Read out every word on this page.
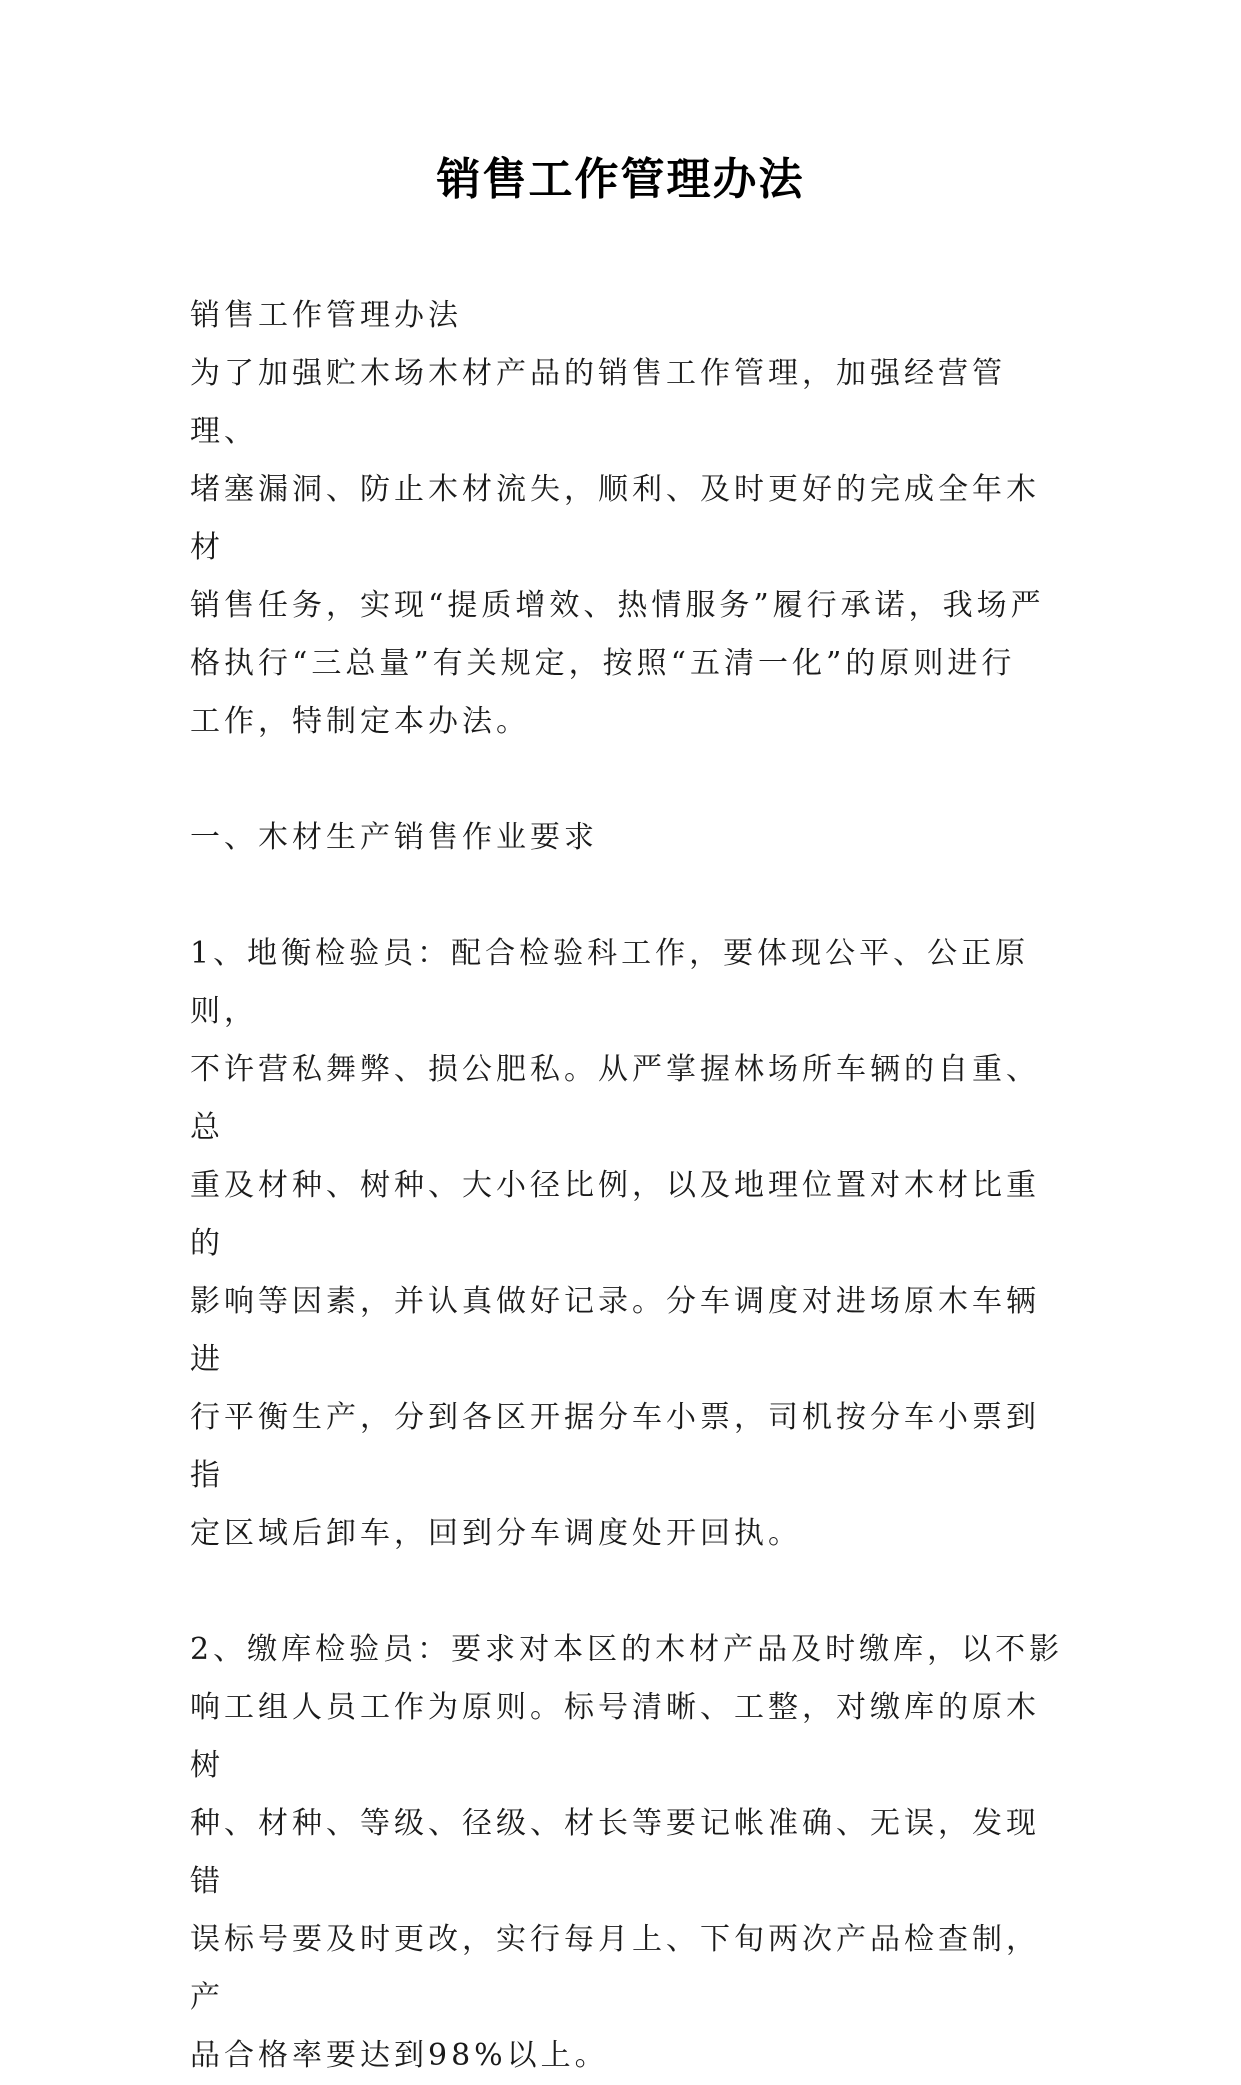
销售工作管理办法

销售工作管理办法

为了加强贮木场木材产品的销售工作管理，加强经营管理、
堵塞漏洞、防止木材流失，顺利、及时更好的完成全年木材
销售任务，实现“提质增效、热情服务”履行承诺，我场严
格执行“三总量”有关规定，按照“五清一化”的原则进行
工作，特制定本办法。

一、木材生产销售作业要求

1、地衡检验员：配合检验科工作，要体现公平、公正原则，
不许营私舞弊、损公肥私。从严掌握林场所车辆的自重、总
重及材种、树种、大小径比例，以及地理位置对木材比重的
影响等因素，并认真做好记录。分车调度对进场原木车辆进
行平衡生产，分到各区开据分车小票，司机按分车小票到指
定区域后卸车，回到分车调度处开回执。

2、缴库检验员：要求对本区的木材产品及时缴库，以不影
响工组人员工作为原则。标号清晰、工整，对缴库的原木树
种、材种、等级、径级、材长等要记帐准确、无误，发现错
误标号要及时更改，实行每月上、下旬两次产品检查制，产
品合格率要达到98%以上。
